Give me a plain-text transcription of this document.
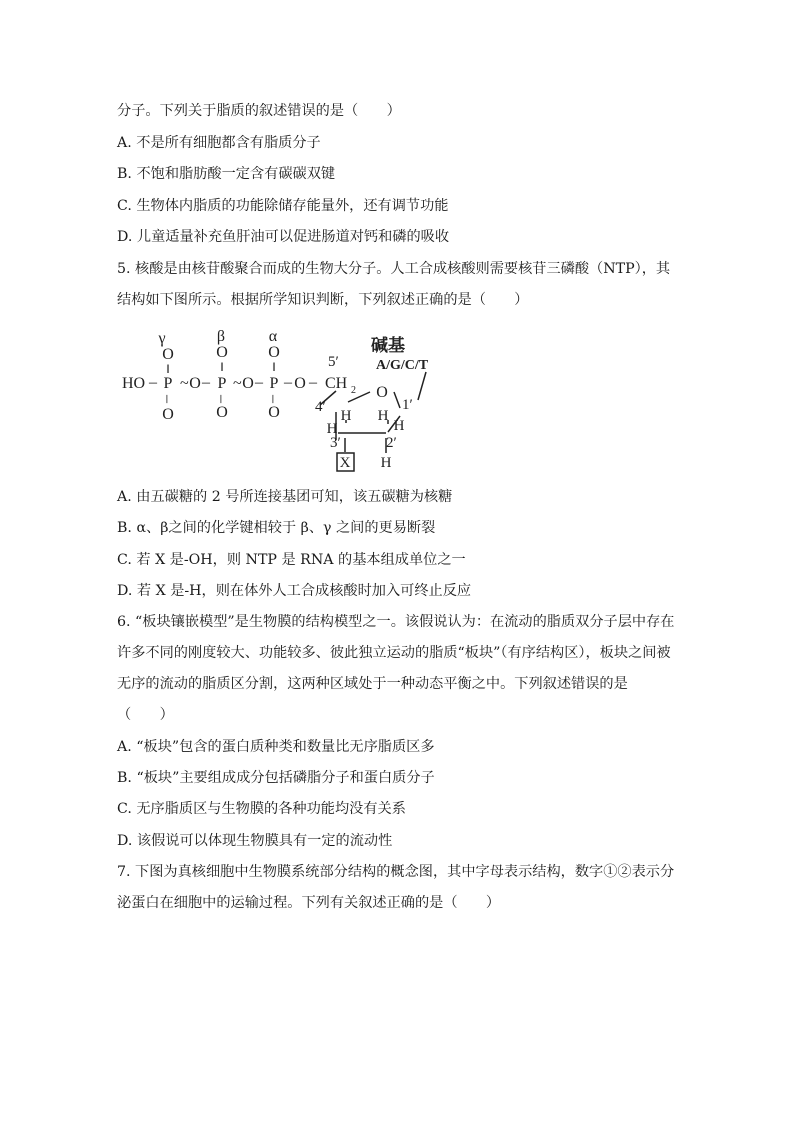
分子。下列关于脂质的叙述错误的是（　　）
A. 不是所有细胞都含有脂质分子
B. 不饱和脂肪酸一定含有碳碳双键
C. 生物体内脂质的功能除储存能量外，还有调节功能
D. 儿童适量补充鱼肝油可以促进肠道对钙和磷的吸收
5. 核酸是由核苷酸聚合而成的生物大分子。人工合成核酸则需要核苷三磷酸（NTP），其
结构如下图所示。根据所学知识判断，下列叙述正确的是（　　）
γ	β	α
O	O	O
‖	‖	‖
HO – P ~ O – P ~ O – P – O –
– – –
O	O	O
5′
CH 2 O
4′	1′
H H
H	H
3′	2′
X H
碱基
A/G/C/T
A. 由五碳糖的 2 号所连接基团可知，该五碳糖为核糖
B. α、β之间的化学键相较于 β、γ 之间的更易断裂
C. 若 X 是-OH，则 NTP 是 RNA 的基本组成单位之一
D. 若 X 是-H，则在体外人工合成核酸时加入可终止反应
6. “板块镶嵌模型”是生物膜的结构模型之一。该假说认为：在流动的脂质双分子层中存在
许多不同的刚度较大、功能较多、彼此独立运动的脂质“板块”（有序结构区），板块之间被
无序的流动的脂质区分割，这两种区域处于一种动态平衡之中。下列叙述错误的是
（　　）
A. “板块”包含的蛋白质种类和数量比无序脂质区多
B. “板块”主要组成成分包括磷脂分子和蛋白质分子
C. 无序脂质区与生物膜的各种功能均没有关系
D. 该假说可以体现生物膜具有一定的流动性
7. 下图为真核细胞中生物膜系统部分结构的概念图，其中字母表示结构，数字①②表示分
泌蛋白在细胞中的运输过程。下列有关叙述正确的是（　　）
